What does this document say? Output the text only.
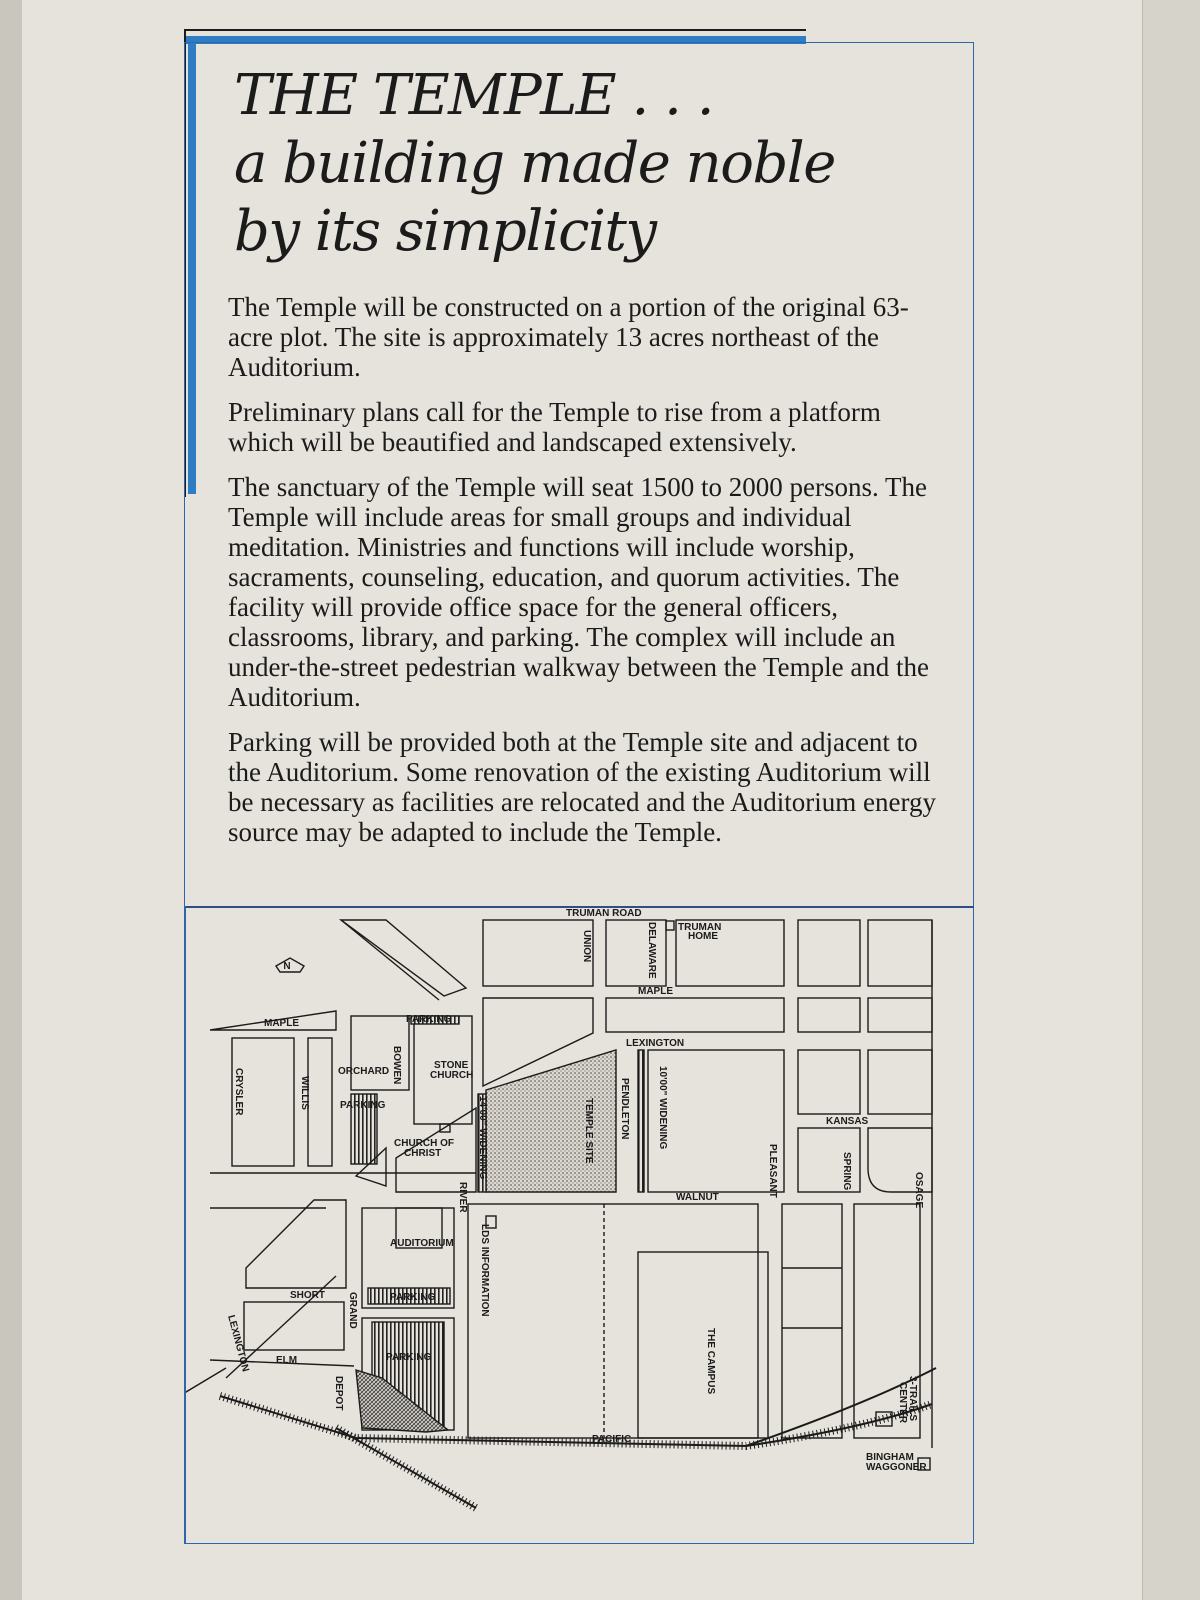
THE TEMPLE . . .
a building made noble
by its simplicity

The Temple will be constructed on a portion of the original 63-acre plot. The site is approximately 13 acres northeast of the Auditorium.

Preliminary plans call for the Temple to rise from a platform which will be beautified and landscaped extensively.

The sanctuary of the Temple will seat 1500 to 2000 persons. The Temple will include areas for small groups and individual meditation. Ministries and functions will include worship, sacraments, counseling, education, and quorum activities. The facility will provide office space for the general officers, classrooms, library, and parking. The complex will include an under-the-street pedestrian walkway between the Temple and the Auditorium.

Parking will be provided both at the Temple site and adjacent to the Auditorium. Some renovation of the existing Auditorium will be necessary as facilities are relocated and the Auditorium energy source may be adapted to include the Temple.

N
TRUMAN ROAD
MAPLE
MAPLE
LEXINGTON
ORCHARD
KANSAS
WALNUT
SHORT
ELM
PACIFIC
UNION	DELAWARE
CRYSLER	WILLIS
BOWEN
PENDLETON
PLEASANT	SPRING	OSAGE
RIVER
GRAND
LEXINGTON
DEPOT
TRUMAN
HOME
PARKING
STONE
CHURCH
PARKING
CHURCH OF
CHRIST	14'00" WIDENING	10'00" WIDENING
TEMPLE SITE
AUDITORIUM
PARKING
PARKING
LDS INFORMATION
THE CAMPUS
3-TRAILS
CENTER
BINGHAM
WAGGONER
